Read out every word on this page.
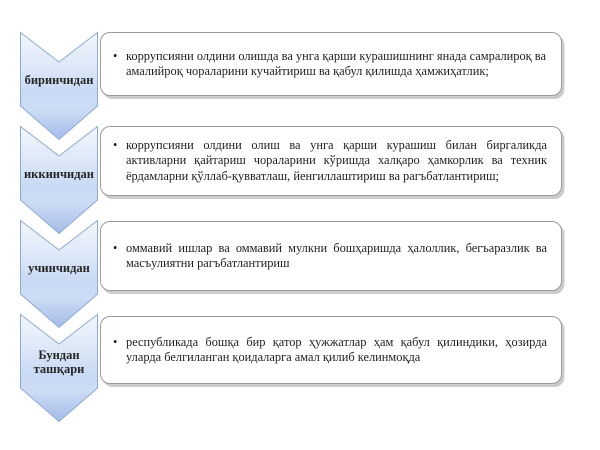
биринчидан
• коррупсияни олдини олишда ва унга қарши курашишнинг янада самралироқ ва амалийроқ чораларини кучайтириш ва қабул қилишда ҳамжиҳатлик;
иккинчидан
• коррупсияни олдини олиш ва унга қарши курашиш билан биргаликда активларни қайтариш чораларини кўришда халқаро ҳамкорлик ва техник ёрдамларни қўллаб-қувватлаш, йенгиллаштириш ва рагъбатлантириш;
учинчидан
• оммавий ишлар ва оммавий мулкни бошҳаришда ҳалоллик, бегъаразлик ва масъулиятни рагъбатлантириш
Бундан ташқари
• республикада бошқа бир қатор ҳужжатлар ҳам қабул қилиндики, ҳозирда уларда белгиланган қоидаларга амал қилиб келинмоқда
